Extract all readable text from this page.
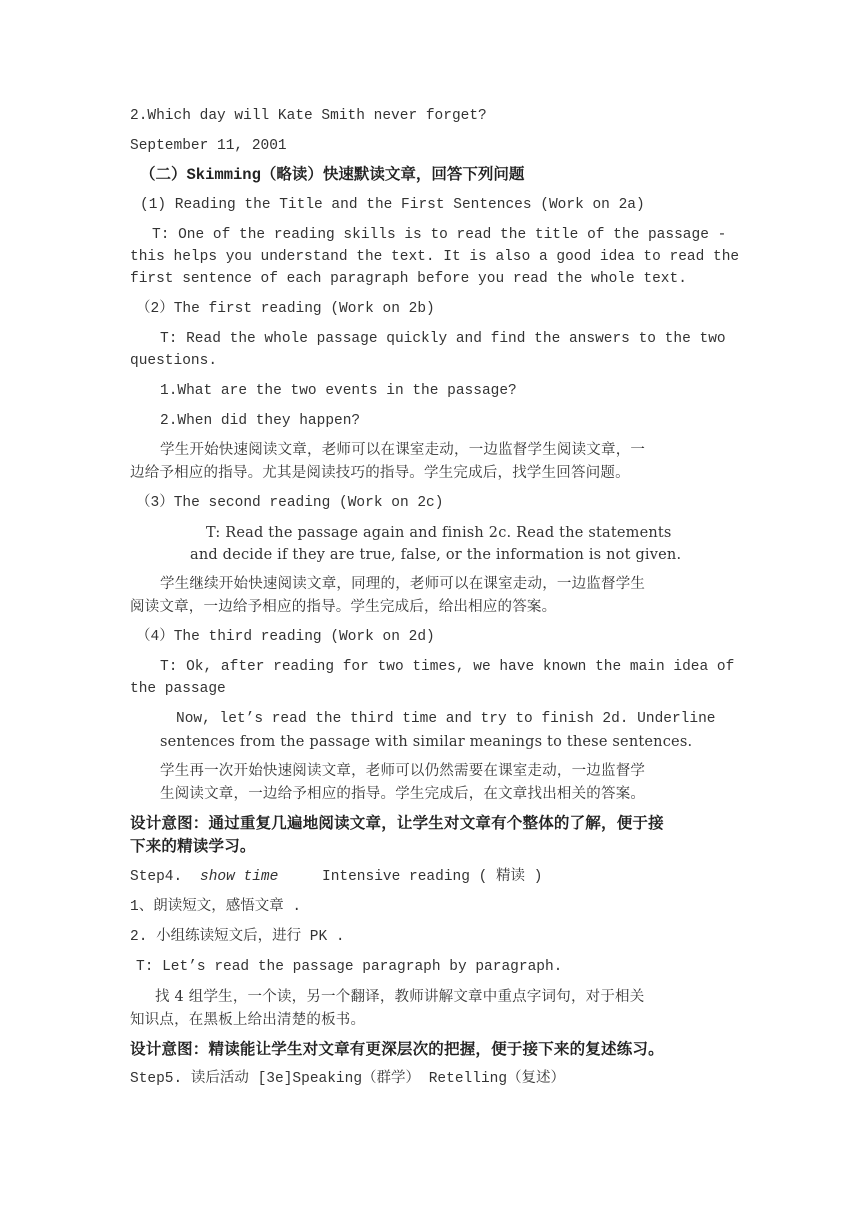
2.Which day will Kate Smith never forget?
September 11, 2001
（二）Skimming（略读）快速默读文章，回答下列问题
(1) Reading the Title and the First Sentences (Work on 2a)
T: One of the reading skills is to read the title of the passage -
this helps you understand the text. It is also a good idea to read the
first sentence of each paragraph before you read the whole text.
（2）The first reading (Work on 2b)
T: Read the whole passage quickly and find the answers to the two
questions.
1.What are the two events in the passage?
2.When did they happen?
学生开始快速阅读文章，老师可以在课室走动，一边监督学生阅读文章，一
边给予相应的指导。尤其是阅读技巧的指导。学生完成后，找学生回答问题。
（3）The second reading (Work on 2c)
T: Read the passage again and finish 2c. Read the statements
and decide if they are true, false, or the information is not given.
学生继续开始快速阅读文章，同理的，老师可以在课室走动，一边监督学生
阅读文章，一边给予相应的指导。学生完成后，给出相应的答案。
（4）The third reading (Work on 2d)
T: Ok, after reading for two times, we have known the main idea of
the passage
Now, let’s read the third time and try to finish 2d. Underline
sentences from the passage with similar meanings to these sentences.
学生再一次开始快速阅读文章，老师可以仍然需要在课室走动，一边监督学
生阅读文章，一边给予相应的指导。学生完成后，在文章找出相关的答案。
设计意图：通过重复几遍地阅读文章，让学生对文章有个整体的了解，便于接
下来的精读学习。
Step4. show time	Intensive reading ( 精读 )
1、朗读短文，感悟文章 .
2. 小组练读短文后，进行 PK .
T: Let’s read the passage paragraph by paragraph.
找 4 组学生，一个读，另一个翻译，教师讲解文章中重点字词句，对于相关
知识点，在黑板上给出清楚的板书。
设计意图：精读能让学生对文章有更深层次的把握，便于接下来的复述练习。
Step5. 读后活动 [3e]Speaking（群学） Retelling（复述）
